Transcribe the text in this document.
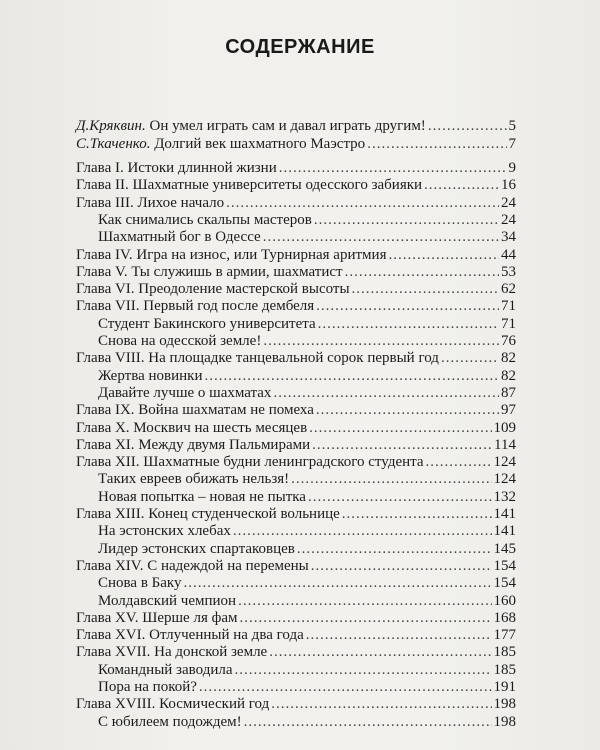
СОДЕРЖАНИЕ
Д.Кряквин. Он умел играть сам и давал играть другим! .....	5
С.Ткаченко. Долгий век шахматного Маэстро .....	7
Глава I. Истоки длинной жизни .....	9
Глава II. Шахматные университеты одесского забияки .....	16
Глава III. Лихое начало .....	24
Как снимались скальпы мастеров .....	24
Шахматный бог в Одессе .....	34
Глава IV. Игра на износ, или Турнирная аритмия .....	44
Глава V. Ты служишь в армии, шахматист .....	53
Глава VI. Преодоление мастерской высоты .....	62
Глава VII. Первый год после дембеля .....	71
Студент Бакинского университета .....	71
Снова на одесской земле! .....	76
Глава VIII. На площадке танцевальной сорок первый год .....	82
Жертва новинки .....	82
Давайте лучше о шахматах .....	87
Глава IX. Война шахматам не помеха .....	97
Глава X. Москвич на шесть месяцев .....	109
Глава XI. Между двумя Пальмирами .....	114
Глава XII. Шахматные будни ленинградского студента .....	124
Таких евреев обижать нельзя! .....	124
Новая попытка – новая не пытка .....	132
Глава XIII. Конец студенческой вольнице .....	141
На эстонских хлебах .....	141
Лидер эстонских спартаковцев .....	145
Глава XIV. С надеждой на перемены .....	154
Снова в Баку .....	154
Молдавский чемпион .....	160
Глава XV. Шерше ля фам .....	168
Глава XVI. Отлученный на два года .....	177
Глава XVII. На донской земле .....	185
Командный заводила .....	185
Пора на покой? .....	191
Глава XVIII. Космический год .....	198
С юбилеем подождем! .....	198
